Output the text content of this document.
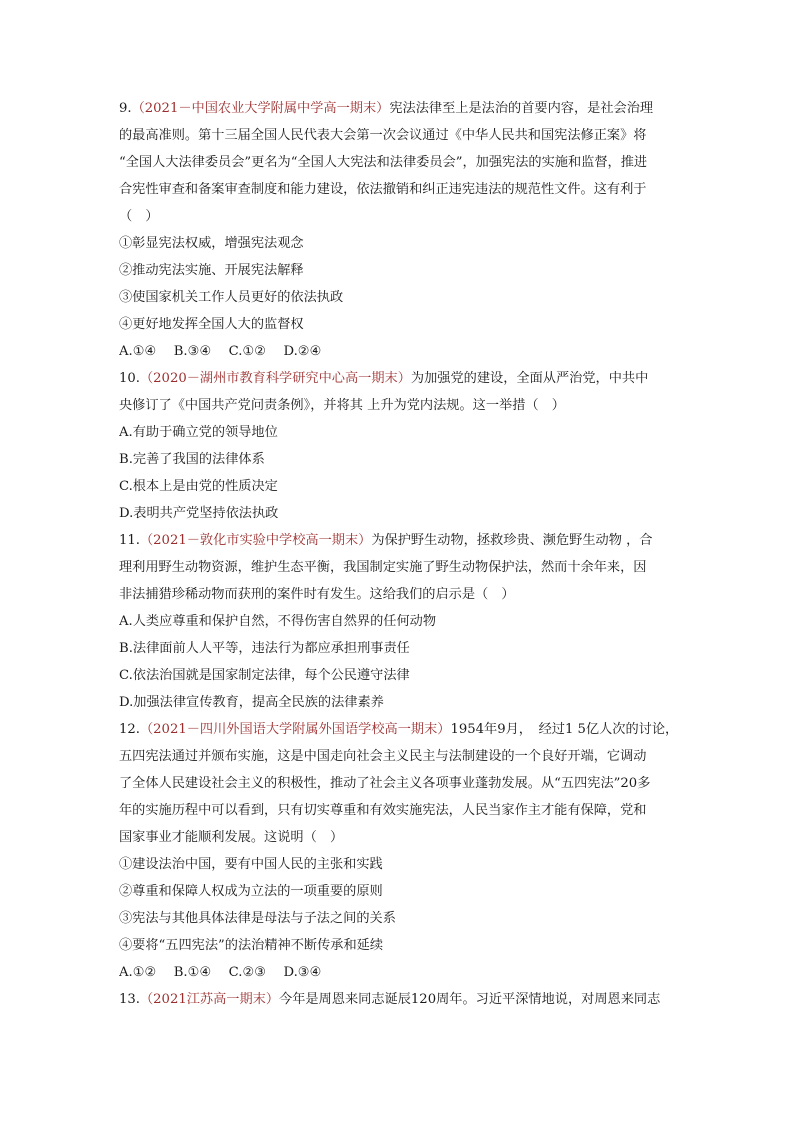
9.（2021－中国农业大学附属中学高一期末）宪法法律至上是法治的首要内容，是社会治理
的最高准则。第十三届全国人民代表大会第一次会议通过《中华人民共和国宪法修正案》将
“全国人大法律委员会”更名为“全国人大宪法和法律委员会”，加强宪法的实施和监督，推进
合宪性审查和备案审查制度和能力建设，依法撤销和纠正违宪违法的规范性文件。这有利于
（　）
①彰显宪法权威，增强宪法观念
②推动宪法实施、开展宪法解释
③使国家机关工作人员更好的依法执政
④更好地发挥全国人大的监督权
A.①④　 B.③④　 C.①②　 D.②④
10.（2020－湖州市教育科学研究中心高一期末）为加强党的建设，全面从严治党，中共中
央修订了《中国共产党问责条例》，并将其 上升为党内法规。这一举措（　）
A.有助于确立党的领导地位
B.完善了我国的法律体系
C.根本上是由党的性质决定
D.表明共产党坚持依法执政
11.（2021－敦化市实验中学校高一期末）为保护野生动物，拯救珍贵、濒危野生动物 ，合
理利用野生动物资源，维护生态平衡，我国制定实施了野生动物保护法，然而十余年来，因
非法捕猎珍稀动物而获刑的案件时有发生。这给我们的启示是（　）
A.人类应尊重和保护自然，不得伤害自然界的任何动物
B.法律面前人人平等，违法行为都应承担刑事责任
C.依法治国就是国家制定法律，每个公民遵守法律
D.加强法律宣传教育，提高全民族的法律素养
12.（2021－四川外国语大学附属外国语学校高一期末）1954年9月，　经过1 5亿人次的讨论，
五四宪法通过并颁布实施，这是中国走向社会主义民主与法制建设的一个良好开端，它调动
了全体人民建设社会主义的积极性，推动了社会主义各项事业蓬勃发展。从“五四宪法”20多
年的实施历程中可以看到，只有切实尊重和有效实施宪法，人民当家作主才能有保障，党和
国家事业才能顺利发展。这说明（　）
①建设法治中国，要有中国人民的主张和实践
②尊重和保障人权成为立法的一项重要的原则
③宪法与其他具体法律是母法与子法之间的关系
④要将“五四宪法”的法治精神不断传承和延续
A.①②　 B.①④　 C.②③　 D.③④
13.（2021江苏高一期末）今年是周恩来同志诞辰120周年。习近平深情地说，对周恩来同志
